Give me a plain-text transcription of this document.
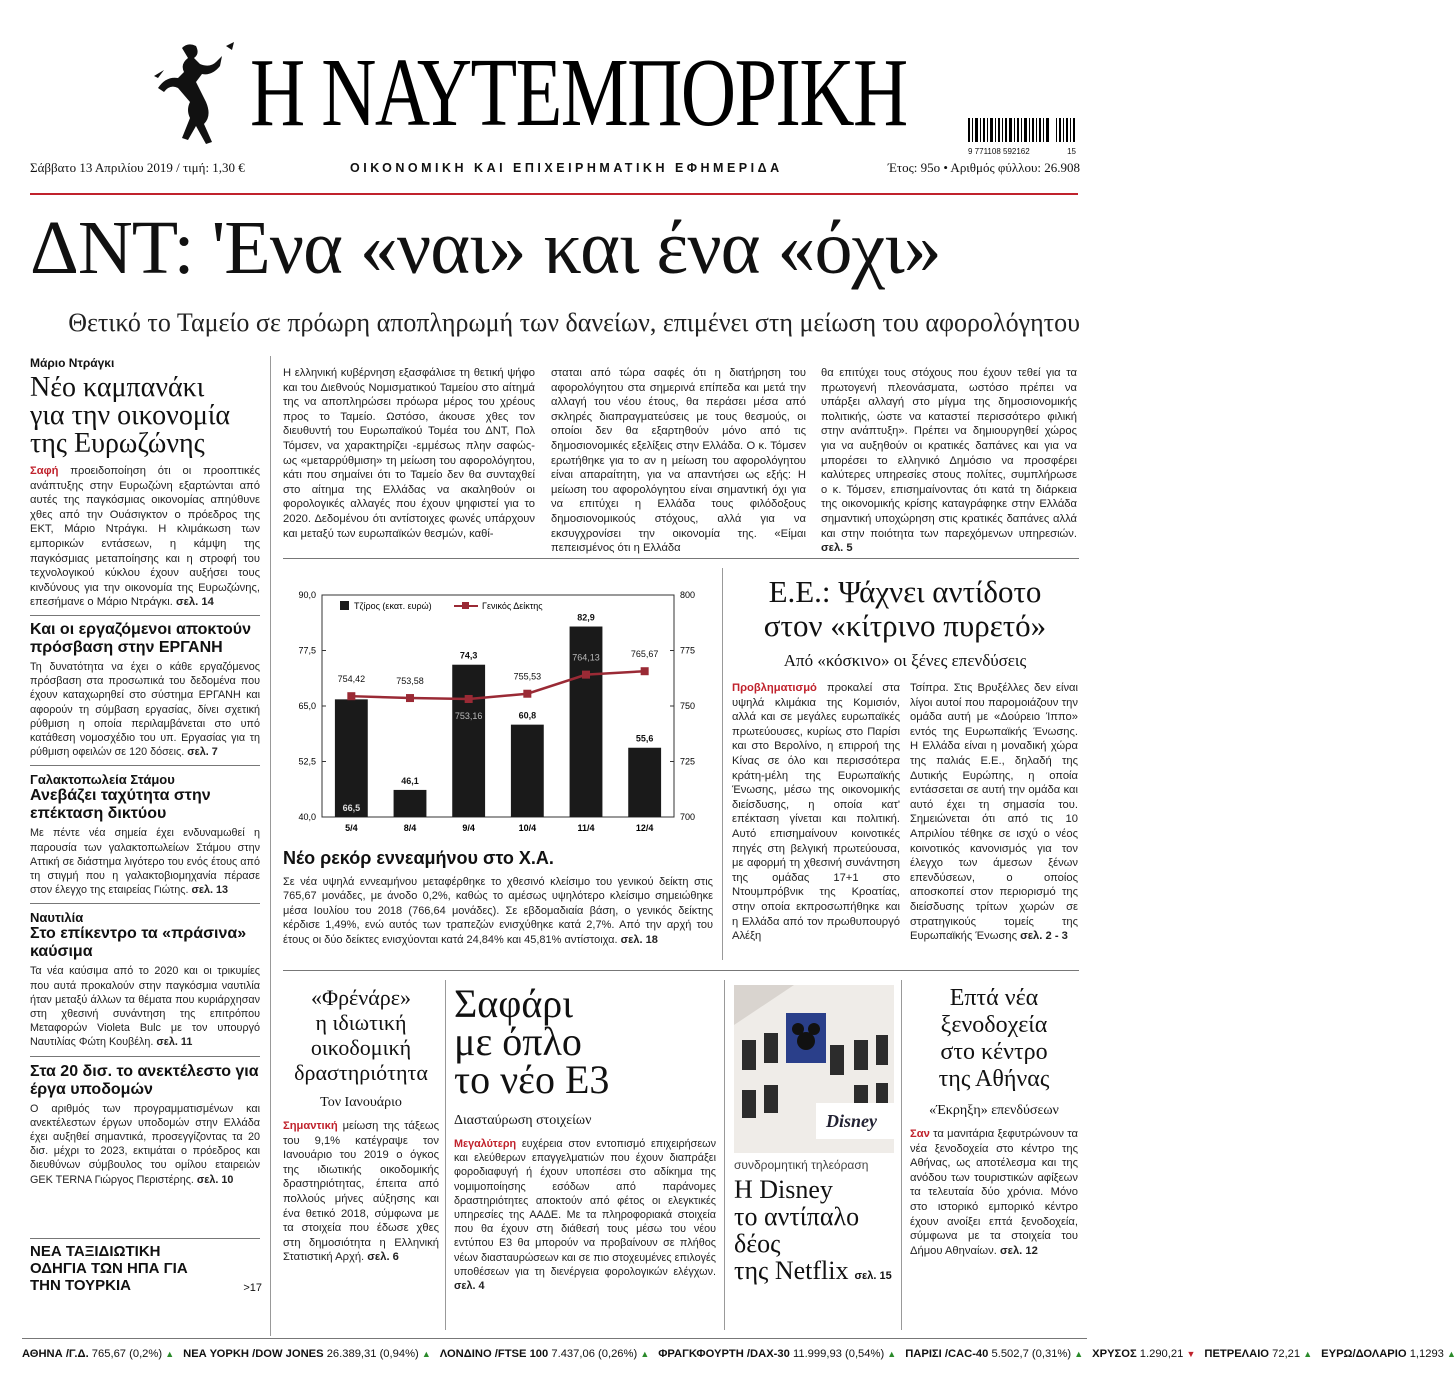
Η ΝΑΥΤΕΜΠΟΡΙΚΗ
9 771108 592162	15
Σάββατο 13 Απριλίου 2019 / τιμή: 1,30 €	ΟΙΚΟΝΟΜΙΚΗ ΚΑΙ ΕΠΙΧΕΙΡΗΜΑΤΙΚΗ ΕΦΗΜΕΡΙΔΑ	Έτος: 95ο • Αριθμός φύλλου: 26.908
ΔΝΤ: 'Ενα «ναι» και ένα «όχι»
Θετικό το Ταμείο σε πρόωρη αποπληρωμή των δανείων, επιμένει στη μείωση του αφορολόγητου
Μάριο Ντράγκι
Νέο καμπανάκι
για την οικονομία
της Ευρωζώνης
Σαφή προειδοποίηση ότι οι προοπτικές ανάπτυξης στην Ευρωζώνη εξαρτώνται από αυτές της παγκόσμιας οικονομίας απηύθυνε χθες από την Ουάσιγκτον ο πρόεδρος της ΕΚΤ, Μάριο Ντράγκι. Η κλιμάκωση των εμπορικών εντάσεων, η κάμψη της παγκόσμιας μεταποίησης και η στροφή του τεχνολογικού κύκλου έχουν αυξήσει τους κινδύνους για την οικονομία της Ευρωζώνης, επεσήμανε ο Μάριο Ντράγκι. σελ. 14
Και οι εργαζόμενοι αποκτούν πρόσβαση στην ΕΡΓΑΝΗ
Τη δυνατότητα να έχει ο κάθε εργαζόμενος πρόσβαση στα προσωπικά του δεδομένα που έχουν καταχωρηθεί στο σύστημα ΕΡΓΑΝΗ και αφορούν τη σύμβαση εργασίας, δίνει σχετική ρύθμιση η οποία περιλαμβάνεται στο υπό κατάθεση νομοσχέδιο του υπ. Εργασίας για τη ρύθμιση οφειλών σε 120 δόσεις. σελ. 7
Γαλακτοπωλεία Στάμου
Ανεβάζει ταχύτητα στην επέκταση δικτύου
Με πέντε νέα σημεία έχει ενδυναμωθεί η παρουσία των γαλακτοπωλείων Στάμου στην Αττική σε διάστημα λιγότερο του ενός έτους από τη στιγμή που η γαλακτοβιομηχανία πέρασε στον έλεγχο της εταιρείας Γιώτης. σελ. 13
Ναυτιλία
Στο επίκεντρο τα «πράσινα» καύσιμα
Τα νέα καύσιμα από το 2020 και οι τρικυμίες που αυτά προκαλούν στην παγκόσμια ναυτιλία ήταν μεταξύ άλλων τα θέματα που κυριάρχησαν στη χθεσινή συνάντηση της επιτρόπου Μεταφορών Violeta Bulc με τον υπουργό Ναυτιλίας Φώτη Κουβέλη. σελ. 11
Στα 20 δισ. το ανεκτέλεστο για έργα υποδομών
Ο αριθμός των προγραμματισμένων και ανεκτέλεστων έργων υποδομών στην Ελλάδα έχει αυξηθεί σημαντικά, προσεγγίζοντας τα 20 δισ. μέχρι το 2023, εκτιμάται ο πρόεδρος και διευθύνων σύμβουλος του ομίλου εταιρειών GEK TERNA Γιώργος Περιστέρης. σελ. 10
ΝΕΑ ΤΑΞΙΔΙΩΤΙΚΗ ΟΔΗΓΙΑ ΤΩΝ ΗΠΑ ΓΙΑ ΤΗΝ ΤΟΥΡΚΙΑ	>17
Η ελληνική κυβέρνηση εξασφάλισε τη θετική ψήφο και του Διεθνούς Νομισματικού Ταμείου στο αίτημά της να αποπληρώσει πρόωρα μέρος του χρέους προς το Ταμείο. Ωστόσο, άκουσε χθες τον διευθυντή του Ευρωπαϊκού Τομέα του ΔΝΤ, Πολ Τόμσεν, να χαρακτηρίζει -εμμέσως πλην σαφώς- ως «μεταρρύθμιση» τη μείωση του αφορολόγητου, κάτι που σημαίνει ότι το Ταμείο δεν θα συνταχθεί στο αίτημα της Ελλάδας να ακαληθούν οι φορολογικές αλλαγές που έχουν ψηφιστεί για το 2020. Δεδομένου ότι αντίστοιχες φωνές υπάρχουν και μεταξύ των ευρωπαϊκών θεσμών, καθί-
σταται από τώρα σαφές ότι η διατήρηση του αφορολόγητου στα σημερινά επίπεδα και μετά την αλλαγή του νέου έτους, θα περάσει μέσα από σκληρές διαπραγματεύσεις με τους θεσμούς, οι οποίοι δεν θα εξαρτηθούν μόνο από τις δημοσιονομικές εξελίξεις στην Ελλάδα. Ο κ. Τόμσεν ερωτήθηκε για το αν η μείωση του αφορολόγητου είναι απαραίτητη, για να απαντήσει ως εξής: Η μείωση του αφορολόγητου είναι σημαντική όχι για να επιτύχει η Ελλάδα τους φιλόδοξους δημοσιονομικούς στόχους, αλλά για να εκσυγχρονίσει την οικονομία της. «Είμαι πεπεισμένος ότι η Ελλάδα
θα επιτύχει τους στόχους που έχουν τεθεί για τα πρωτογενή πλεονάσματα, ωστόσο πρέπει να υπάρξει αλλαγή στο μίγμα της δημοσιονομικής πολιτικής, ώστε να καταστεί περισσότερο φιλική στην ανάπτυξη». Πρέπει να δημιουργηθεί χώρος για να αυξηθούν οι κρατικές δαπάνες και για να μπορέσει το ελληνικό Δημόσιο να προσφέρει καλύτερες υπηρεσίες στους πολίτες, συμπλήρωσε ο κ. Τόμσεν, επισημαίνοντας ότι κατά τη διάρκεια της οικονομικής κρίσης καταγράφηκε στην Ελλάδα σημαντική υποχώρηση στις κρατικές δαπάνες αλλά και στην ποιότητα των παρεχόμενων υπηρεσιών. σελ. 5
90,0
77,5
65,0
52,5
40,0
800
775
750
725
700
5/4
66,5
8/4
46,1
9/4
74,3
10/4
60,8
11/4
82,9
12/4
55,6
754,42	753,58
753,16
755,53
764,13	765,67
Τζίρος (εκατ. ευρώ)	Γενικός Δείκτης
Νέο ρεκόρ εννεαμήνου στο Χ.Α.
Σε νέα υψηλά εννεαμήνου μεταφέρθηκε το χθεσινό κλείσιμο του γενικού δείκτη στις 765,67 μονάδες, με άνοδο 0,2%, καθώς το αμέσως υψηλότερο κλείσιμο σημειώθηκε μέσα Ιουλίου του 2018 (766,64 μονάδες). Σε εβδομαδιαία βάση, ο γενικός δείκτης κέρδισε 1,49%, ενώ αυτός των τραπεζών ενισχύθηκε κατά 2,7%. Από την αρχή του έτους οι δύο δείκτες ενισχύονται κατά 24,84% και 45,81% αντίστοιχα. σελ. 18
Ε.Ε.: Ψάχνει αντίδοτο
στον «κίτρινο πυρετό»
Από «κόσκινο» οι ξένες επενδύσεις
Προβληματισμό προκαλεί στα υψηλά κλιμάκια της Κομισιόν, αλλά και σε μεγάλες ευρωπαϊκές πρωτεύουσες, κυρίως στο Παρίσι και στο Βερολίνο, η επιρροή της Κίνας σε όλο και περισσότερα κράτη-μέλη της Ευρωπαϊκής Ένωσης, μέσω της οικονομικής διείσδυσης, η οποία κατ' επέκταση γίνεται και πολιτική. Αυτό επισημαίνουν κοινοτικές πηγές στη βελγική πρωτεύουσα, με αφορμή τη χθεσινή συνάντηση της ομάδας 17+1 στο Ντουμπρόβνικ της Κροατίας, στην οποία εκπροσωπήθηκε και η Ελλάδα από τον πρωθυπουργό Αλέξη
Τσίπρα. Στις Βρυξέλλες δεν είναι λίγοι αυτοί που παρομοιάζουν την ομάδα αυτή με «Δούρειο Ίππο» εντός της Ευρωπαϊκής Ένωσης. Η Ελλάδα είναι η μοναδική χώρα της παλιάς Ε.Ε., δηλαδή της Δυτικής Ευρώπης, η οποία εντάσσεται σε αυτή την ομάδα και αυτό έχει τη σημασία του. Σημειώνεται ότι από τις 10 Απριλίου τέθηκε σε ισχύ ο νέος κοινοτικός κανονισμός για τον έλεγχο των άμεσων ξένων επενδύσεων, ο οποίος αποσκοπεί στον περιορισμό της διείσδυσης τρίτων χωρών σε στρατηγικούς τομείς της Ευρωπαϊκής Ένωσης σελ. 2 - 3
«Φρένάρε»
η ιδιωτική
οικοδομική
δραστηριότητα
Τον Ιανουάριο
Σημαντική μείωση της τάξεως του 9,1% κατέγραψε τον Ιανουάριο του 2019 ο όγκος της ιδιωτικής οικοδομικής δραστηριότητας, έπειτα από πολλούς μήνες αύξησης και ένα θετικό 2018, σύμφωνα με τα στοιχεία που έδωσε χθες στη δημοσιότητα η Ελληνική Στατιστική Αρχή. σελ. 6
Σαφάρι
με όπλο
το νέο Ε3
Διασταύρωση στοιχείων
Μεγαλύτερη ευχέρεια στον εντοπισμό επιχειρήσεων και ελεύθερων επαγγελματιών που έχουν διαπράξει φοροδιαφυγή ή έχουν υποπέσει στο αδίκημα της νομιμοποίησης εσόδων από παράνομες δραστηριότητες αποκτούν από φέτος οι ελεγκτικές υπηρεσίες της ΑΑΔΕ. Με τα πληροφοριακά στοιχεία που θα έχουν στη διάθεσή τους μέσω του νέου εντύπου Ε3 θα μπορούν να προβαίνουν σε πλήθος νέων διασταυρώσεων και σε πιο στοχευμένες επιλογές υποθέσεων για τη διενέργεια φορολογικών ελέγχων. σελ. 4
Disney
συνδρομητική τηλεόραση
Η Disney
το αντίπαλο
δέος
της Netflix σελ. 15
Επτά νέα
ξενοδοχεία
στο κέντρο
της Αθήνας
«Έκρηξη» επενδύσεων
Σαν τα μανιτάρια ξεφυτρώνουν τα νέα ξενοδοχεία στο κέντρο της Αθήνας, ως αποτέλεσμα και της ανόδου των τουριστικών αφίξεων τα τελευταία δύο χρόνια. Μόνο στο ιστορικό εμπορικό κέντρο έχουν ανοίξει επτά ξενοδοχεία, σύμφωνα με τα στοιχεία του Δήμου Αθηναίων. σελ. 12
ΑΘΗΝΑ /Γ.Δ. 765,67 (0,2%) ▲ ΝΕΑ ΥΟΡΚΗ /DOW JONES 26.389,31 (0,94%) ▲ ΛΟΝΔΙΝΟ /FTSE 100 7.437,06 (0,26%) ▲ ΦΡΑΓΚΦΟΥΡΤΗ /DAX-30 11.999,93 (0,54%) ▲ ΠΑΡΙΣΙ /CAC-40 5.502,7 (0,31%) ▲ ΧΡΥΣΟΣ 1.290,21 ▼ ΠΕΤΡΕΛΑΙΟ 72,21 ▲ ΕΥΡΩ/ΔΟΛΑΡΙΟ 1,1293 ▲
